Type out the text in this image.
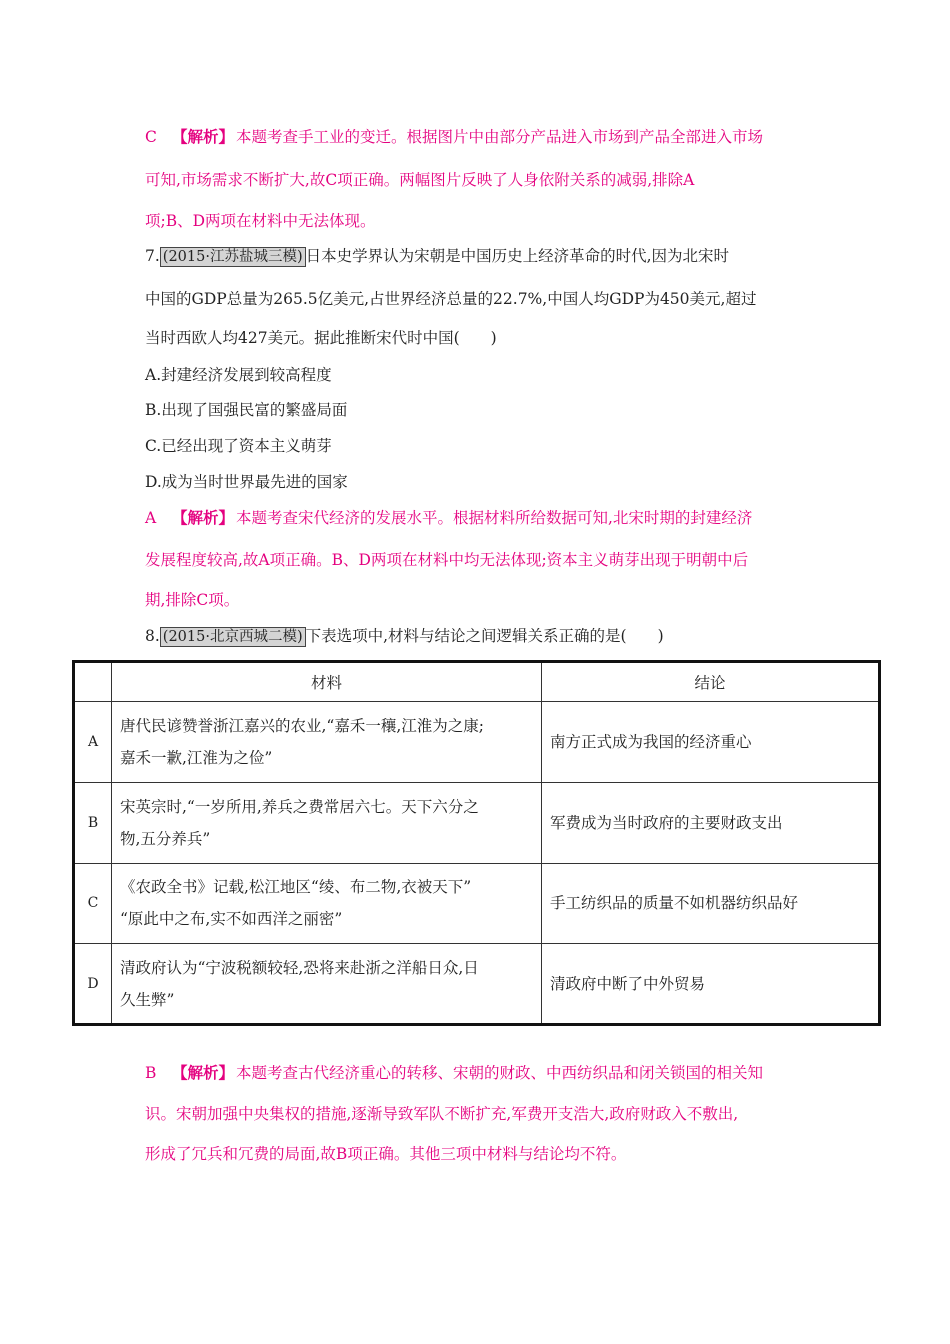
C 【解析】 本题考查手工业的变迁。根据图片中由部分产品进入市场到产品全部进入市场
可知,市场需求不断扩大,故C项正确。两幅图片反映了人身依附关系的减弱,排除A
项;B、D两项在材料中无法体现。
7. (2015·江苏盐城三模) 日本史学界认为宋朝是中国历史上经济革命的时代,因为北宋时
中国的GDP总量为265.5亿美元,占世界经济总量的22.7%,中国人均GDP为450美元,超过
当时西欧人均427美元。据此推断宋代时中国(　　)
A.封建经济发展到较高程度
B.出现了国强民富的繁盛局面
C.已经出现了资本主义萌芽
D.成为当时世界最先进的国家
A 【解析】 本题考查宋代经济的发展水平。根据材料所给数据可知,北宋时期的封建经济
发展程度较高,故A项正确。B、D两项在材料中均无法体现;资本主义萌芽出现于明朝中后
期,排除C项。
8. (2015·北京西城二模) 下表选项中,材料与结论之间逻辑关系正确的是(　　)
	材料	结论
A	唐代民谚赞誉浙江嘉兴的农业,“嘉禾一穰,江淮为之康;
嘉禾一歉,江淮为之俭”	南方正式成为我国的经济重心
B	宋英宗时,“一岁所用,养兵之费常居六七。天下六分之
物,五分养兵”	军费成为当时政府的主要财政支出
C	《农政全书》记载,松江地区“绫、布二物,衣被天下”
“原此中之布,实不如西洋之丽密”	手工纺织品的质量不如机器纺织品好
D	清政府认为“宁波税额较轻,恐将来赴浙之洋船日众,日
久生弊”	清政府中断了中外贸易
B 【解析】 本题考查古代经济重心的转移、宋朝的财政、中西纺织品和闭关锁国的相关知
识。宋朝加强中央集权的措施,逐渐导致军队不断扩充,军费开支浩大,政府财政入不敷出,
形成了冗兵和冗费的局面,故B项正确。其他三项中材料与结论均不符。
